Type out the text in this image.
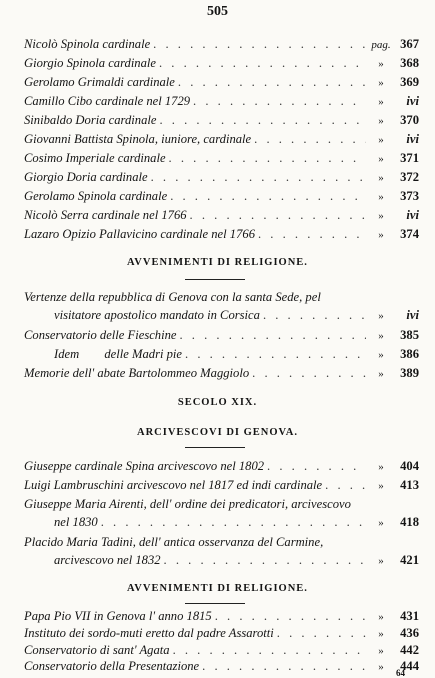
505
Nicolò Spinola cardinale . . .	pag. 367
Giorgio Spinola cardinale . . .	»	368
Gerolamo Grimaldi cardinale . . .	»	369
Camillo Cibo cardinale nel 1729 . . .	»	ivi
Sinibaldo Doria cardinale . . .	»	370
Giovanni Battista Spinola, iuniore, cardinale . . .	»	ivi
Cosimo Imperiale cardinale . . .	»	371
Giorgio Doria cardinale . . .	»	372
Gerolamo Spinola cardinale . . .	»	373
Nicolò Serra cardinale nel 1766 . . .	»	ivi
Lazaro Opizio Pallavicino cardinale nel 1766 . . .	»	374
AVVENIMENTI DI RELIGIONE.
Vertenze della repubblica di Genova con la santa Sede, pel
visitatore apostolico mandato in Corsica . . .	»	ivi
Conservatorio delle Fieschine . . .	»	385
Idem        delle Madri pie . . .	»	386
Memorie dell' abate Bartolommeo Maggiolo . . .	»	389
SECOLO XIX.
ARCIVESCOVI DI GENOVA.
Giuseppe cardinale Spina arcivescovo nel 1802 . . .	»	404
Luigi Lambruschini arcivescovo nel 1817 ed indi cardinale . . .	»	413
Giuseppe Maria Airenti, dell' ordine dei predicatori, arcivescovo
nel 1830 . . .	»	418
Placido Maria Tadini, dell' antica osservanza del Carmine,
arcivescovo nel 1832 . . .	»	421
AVVENIMENTI DI RELIGIONE.
Papa Pio VII in Genova l' anno 1815 . . .	»	431
Instituto dei sordo-muti eretto dal padre Assarotti . . .	»	436
Conservatorio di sant' Agata . . .	»	442
Conservatorio della Presentazione . . .	»	444
64
